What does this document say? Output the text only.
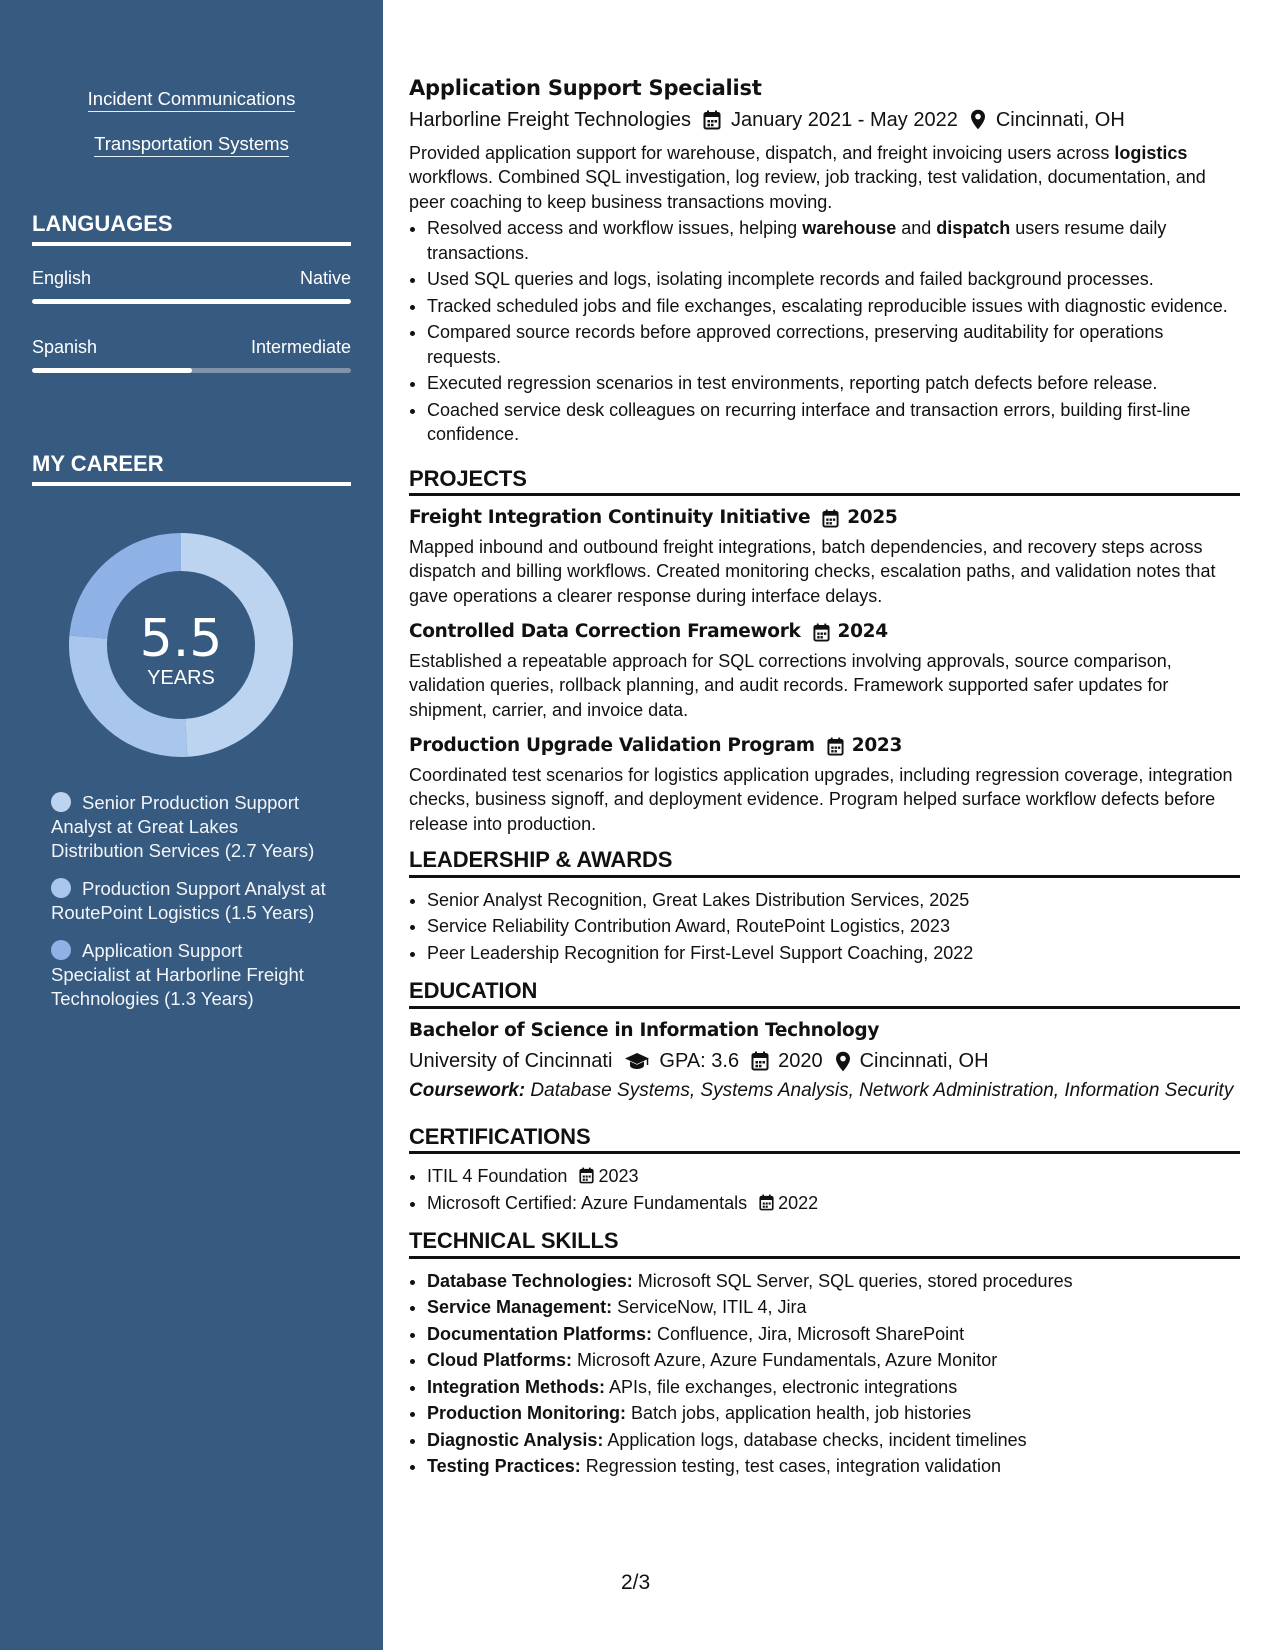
Incident Communications
Transportation Systems
LANGUAGES
English	Native
Spanish	Intermediate
MY CAREER
5.5
YEARS
Senior Production Support Analyst at Great Lakes Distribution Services (2.7 Years)
Production Support Analyst at RoutePoint Logistics (1.5 Years)
Application Support Specialist at Harborline Freight Technologies (1.3 Years)
Application Support Specialist
Harborline Freight Technologies January 2021 - May 2022 Cincinnati, OH

Provided application support for warehouse, dispatch, and freight invoicing users across logistics workflows. Combined SQL investigation, log review, job tracking, test validation, documentation, and peer coaching to keep business transactions moving.

• Resolved access and workflow issues, helping warehouse and dispatch users resume daily transactions.
• Used SQL queries and logs, isolating incomplete records and failed background processes.
• Tracked scheduled jobs and file exchanges, escalating reproducible issues with diagnostic evidence.
• Compared source records before approved corrections, preserving auditability for operations requests.
• Executed regression scenarios in test environments, reporting patch defects before release.
• Coached service desk colleagues on recurring interface and transaction errors, building first-line confidence.
PROJECTS
Freight Integration Continuity Initiative 2025

Mapped inbound and outbound freight integrations, batch dependencies, and recovery steps across dispatch and billing workflows. Created monitoring checks, escalation paths, and validation notes that gave operations a clearer response during interface delays.

Controlled Data Correction Framework 2024

Established a repeatable approach for SQL corrections involving approvals, source comparison, validation queries, rollback planning, and audit records. Framework supported safer updates for shipment, carrier, and invoice data.

Production Upgrade Validation Program 2023

Coordinated test scenarios for logistics application upgrades, including regression coverage, integration checks, business signoff, and deployment evidence. Program helped surface workflow defects before release into production.

LEADERSHIP & AWARDS
• Senior Analyst Recognition, Great Lakes Distribution Services, 2025
• Service Reliability Contribution Award, RoutePoint Logistics, 2023
• Peer Leadership Recognition for First-Level Support Coaching, 2022
EDUCATION
Bachelor of Science in Information Technology
University of Cincinnati GPA: 3.6 2020 Cincinnati, OH
Coursework: Database Systems, Systems Analysis, Network Administration, Information Security
CERTIFICATIONS
• ITIL 4 Foundation 2023
• Microsoft Certified: Azure Fundamentals 2022
TECHNICAL SKILLS
• Database Technologies: Microsoft SQL Server, SQL queries, stored procedures
• Service Management: ServiceNow, ITIL 4, Jira
• Documentation Platforms: Confluence, Jira, Microsoft SharePoint
• Cloud Platforms: Microsoft Azure, Azure Fundamentals, Azure Monitor
• Integration Methods: APIs, file exchanges, electronic integrations
• Production Monitoring: Batch jobs, application health, job histories
• Diagnostic Analysis: Application logs, database checks, incident timelines
• Testing Practices: Regression testing, test cases, integration validation
2/3
